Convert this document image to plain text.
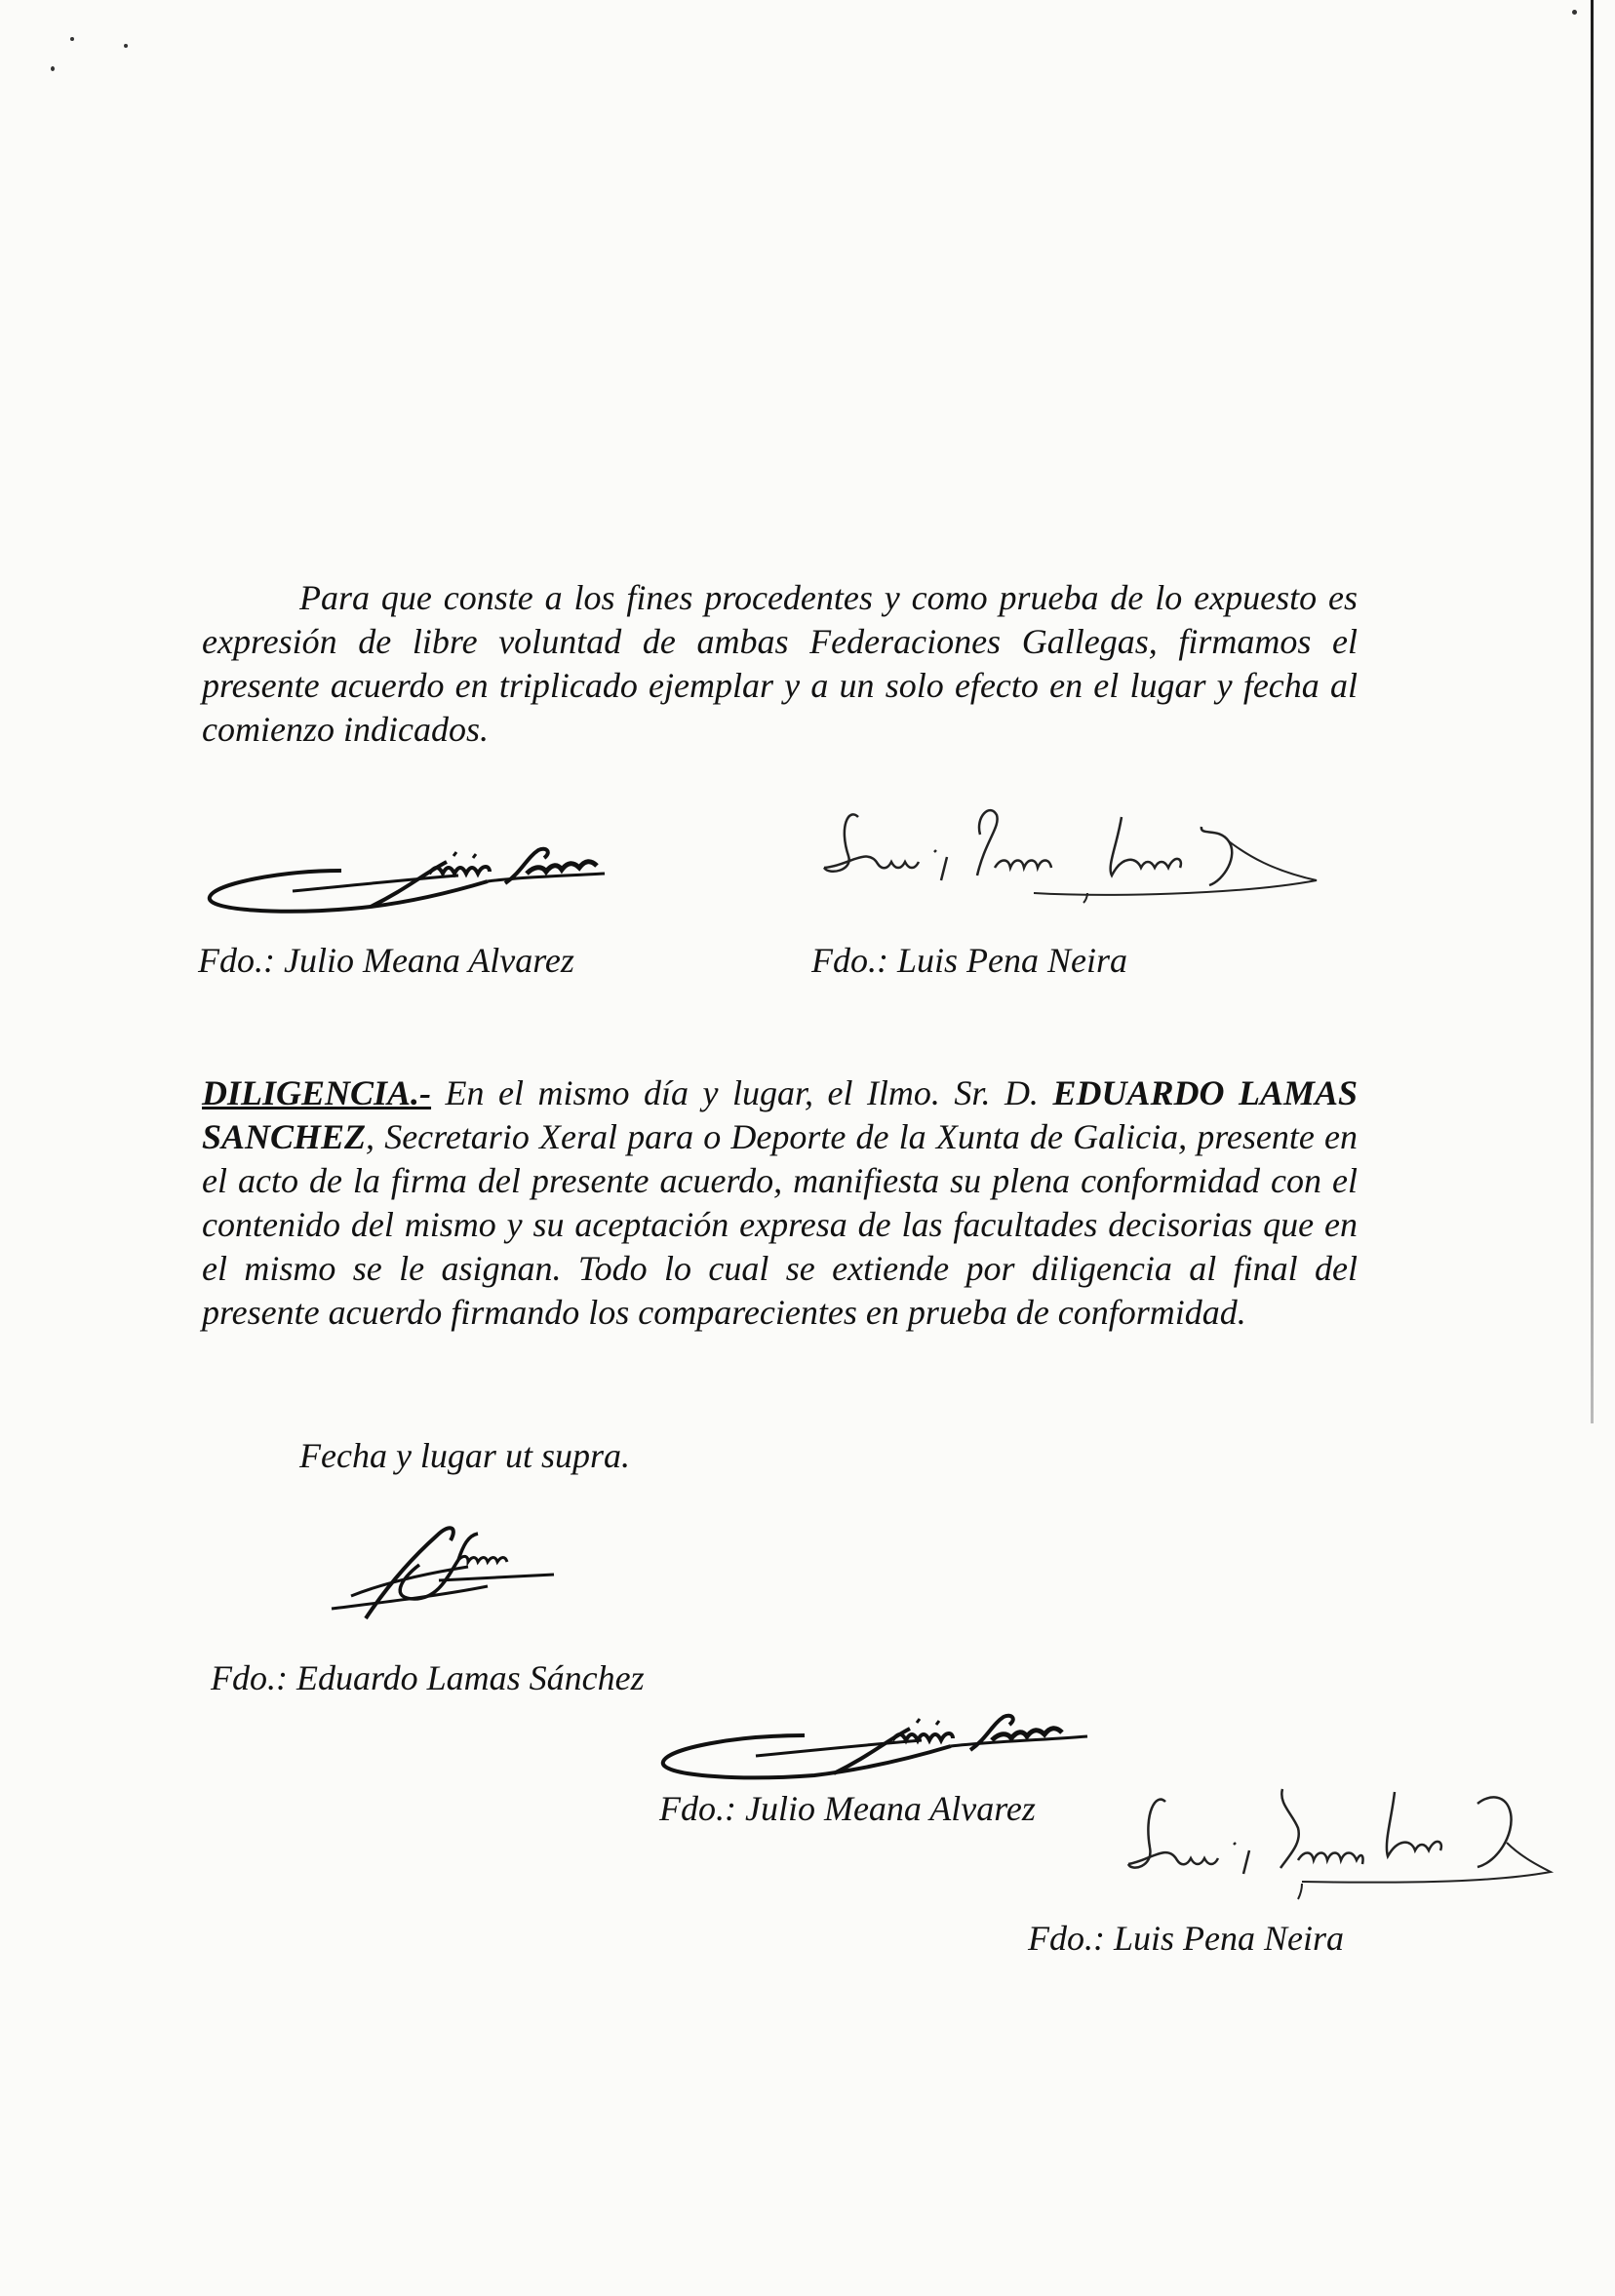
Para que conste a los fines procedentes y como prueba de lo expuesto es expresión de libre voluntad de ambas Federaciones Gallegas, firmamos el presente acuerdo en triplicado ejemplar y a un solo efecto en el lugar y fecha al comienzo indicados.

Fdo.: Julio Meana Alvarez	Fdo.: Luis Pena Neira

DILIGENCIA.- En el mismo día y lugar, el Ilmo. Sr. D. EDUARDO LAMAS SANCHEZ, Secretario Xeral para o Deporte de la Xunta de Galicia, presente en el acto de la firma del presente acuerdo, manifiesta su plena conformidad con el contenido del mismo y su aceptación expresa de las facultades decisorias que en el mismo se le asignan. Todo lo cual se extiende por diligencia al final del presente acuerdo firmando los comparecientes en prueba de conformidad.

Fecha y lugar ut supra.
Fdo.: Eduardo Lamas Sánchez
Fdo.: Julio Meana Alvarez
Fdo.: Luis Pena Neira
